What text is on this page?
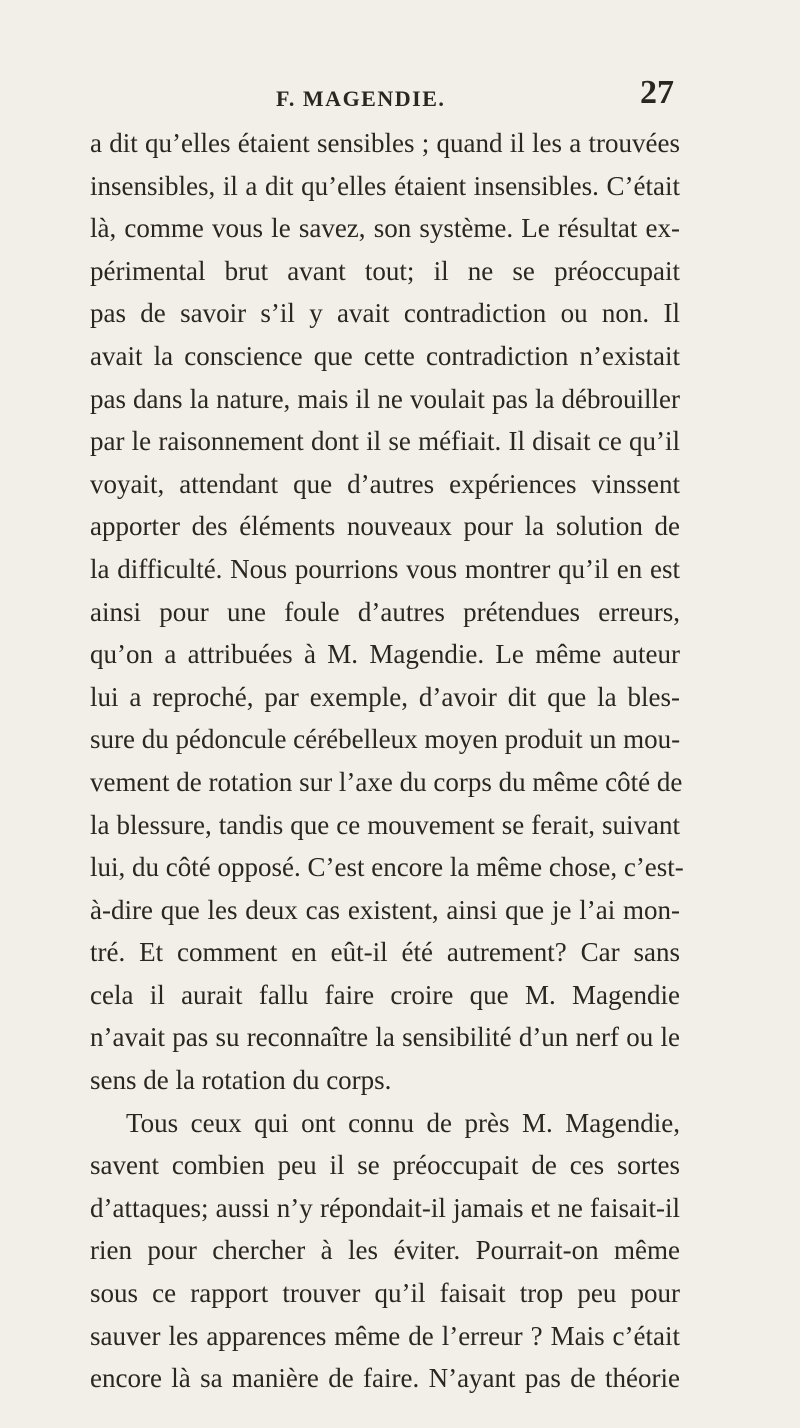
F. MAGENDIE.	27
a dit qu’elles étaient sensibles ; quand il les a trouvées
insensibles, il a dit qu’elles étaient insensibles. C’était
là, comme vous le savez, son système. Le résultat ex-
périmental brut avant tout; il ne se préoccupait
pas de savoir s’il y avait contradiction ou non. Il
avait la conscience que cette contradiction n’existait
pas dans la nature, mais il ne voulait pas la débrouiller
par le raisonnement dont il se méfiait. Il disait ce qu’il
voyait, attendant que d’autres expériences vinssent
apporter des éléments nouveaux pour la solution de
la difficulté. Nous pourrions vous montrer qu’il en est
ainsi pour une foule d’autres prétendues erreurs,
qu’on a attribuées à M. Magendie. Le même auteur
lui a reproché, par exemple, d’avoir dit que la bles-
sure du pédoncule cérébelleux moyen produit un mou-
vement de rotation sur l’axe du corps du même côté de
la blessure, tandis que ce mouvement se ferait, suivant
lui, du côté opposé. C’est encore la même chose, c’est-
à-dire que les deux cas existent, ainsi que je l’ai mon-
tré. Et comment en eût-il été autrement? Car sans
cela il aurait fallu faire croire que M. Magendie
n’avait pas su reconnaître la sensibilité d’un nerf ou le
sens de la rotation du corps.
Tous ceux qui ont connu de près M. Magendie,
savent combien peu il se préoccupait de ces sortes
d’attaques; aussi n’y répondait-il jamais et ne faisait-il
rien pour chercher à les éviter. Pourrait-on même
sous ce rapport trouver qu’il faisait trop peu pour
sauver les apparences même de l’erreur ? Mais c’était
encore là sa manière de faire. N’ayant pas de théorie
